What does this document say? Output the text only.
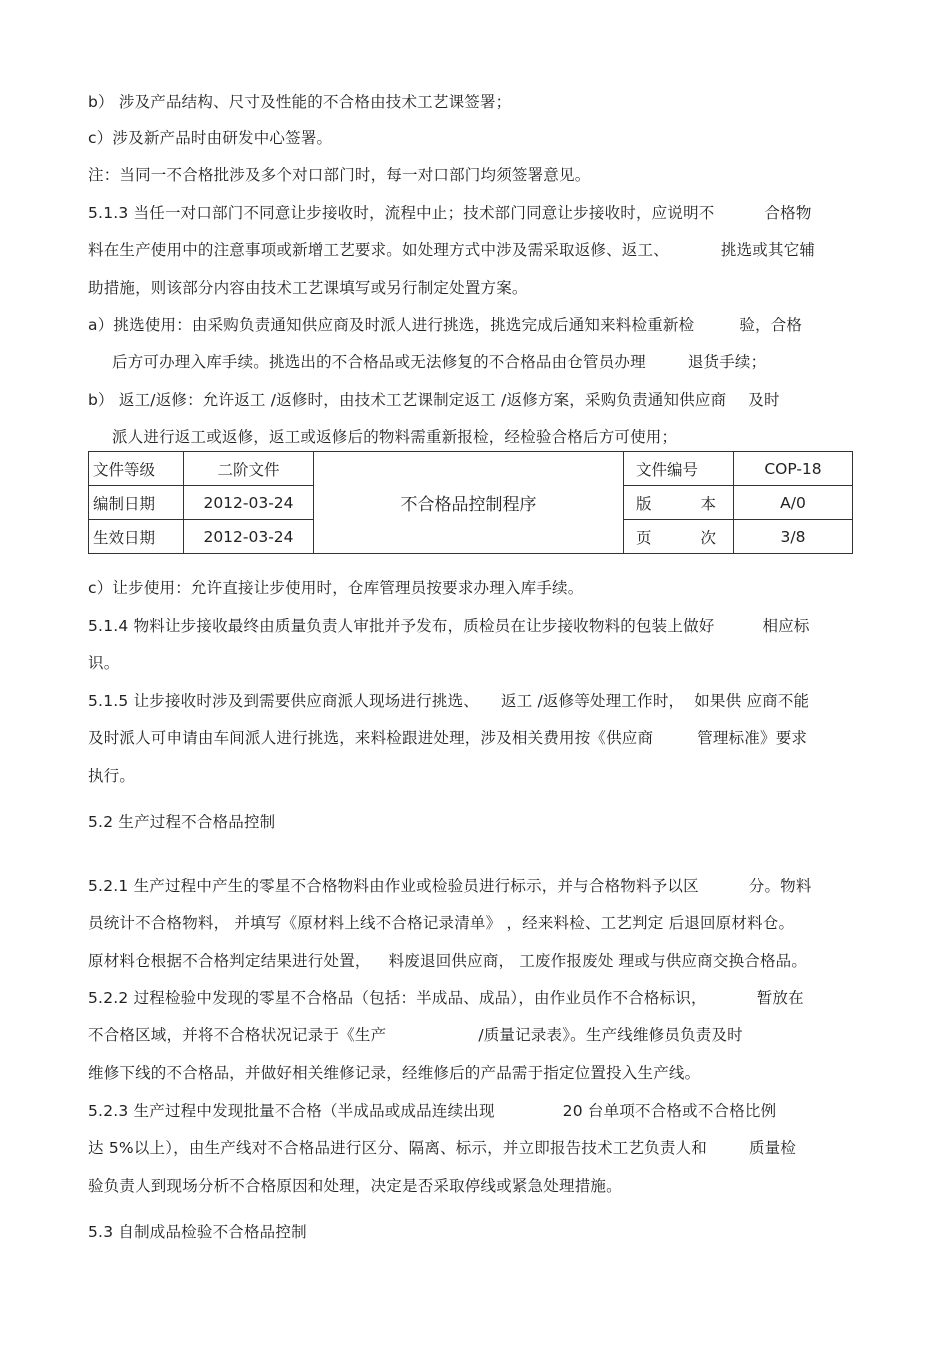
b） 涉及产品结构、尺寸及性能的不合格由技术工艺课签署；
c）涉及新产品时由研发中心签署。
注：当同一不合格批涉及多个对口部门时，每一对口部门均须签署意见。
5.1.3 当任一对口部门不同意让步接收时，流程中止；技术部门同意让步接收时，应说明不	合格物
料在生产使用中的注意事项或新增工艺要求。如处理方式中涉及需采取返修、返工、	挑选或其它辅
助措施，则该部分内容由技术工艺课填写或另行制定处置方案。
a）挑选使用：由采购负责通知供应商及时派人进行挑选，挑选完成后通知来料检重新检	验，合格
后方可办理入库手续。挑选出的不合格品或无法修复的不合格品由仓管员办理	退货手续；
b） 返工/返修：允许返工 /返修时，由技术工艺课制定返工 /返修方案，采购负责通知供应商 及时
派人进行返工或返修，返工或返修后的物料需重新报检，经检验合格后方可使用；
文件等级	二阶文件	不合格品控制程序	文件编号	COP-18
编制日期	2012-03-24		版 本	A/0
生效日期	2012-03-24		页 次	3/8
c）让步使用：允许直接让步使用时，仓库管理员按要求办理入库手续。
5.1.4 物料让步接收最终由质量负责人审批并予发布，质检员在让步接收物料的包装上做好	相应标
识。
5.1.5 让步接收时涉及到需要供应商派人现场进行挑选、 返工 /返修等处理工作时， 如果供 应商不能
及时派人可申请由车间派人进行挑选，来料检跟进处理，涉及相关费用按《供应商	管理标准》要求
执行。
5.2 生产过程不合格品控制
5.2.1 生产过程中产生的零星不合格物料由作业或检验员进行标示，并与合格物料予以区	分。物料
员统计不合格物料， 并填写《原材料上线不合格记录清单》 ，经来料检、工艺判定 后退回原材料仓。
原材料仓根据不合格判定结果进行处置， 料废退回供应商， 工废作报废处 理或与供应商交换合格品。
5.2.2 过程检验中发现的零星不合格品（包括：半成品、成品），由作业员作不合格标识，	暂放在
不合格区域，并将不合格状况记录于《生产	/质量记录表》。生产线维修员负责及时
维修下线的不合格品，并做好相关维修记录，经维修后的产品需于指定位置投入生产线。
5.2.3 生产过程中发现批量不合格（半成品或成品连续出现	20 台单项不合格或不合格比例
达 5%以上），由生产线对不合格品进行区分、隔离、标示，并立即报告技术工艺负责人和	质量检
验负责人到现场分析不合格原因和处理，决定是否采取停线或紧急处理措施。
5.3 自制成品检验不合格品控制
